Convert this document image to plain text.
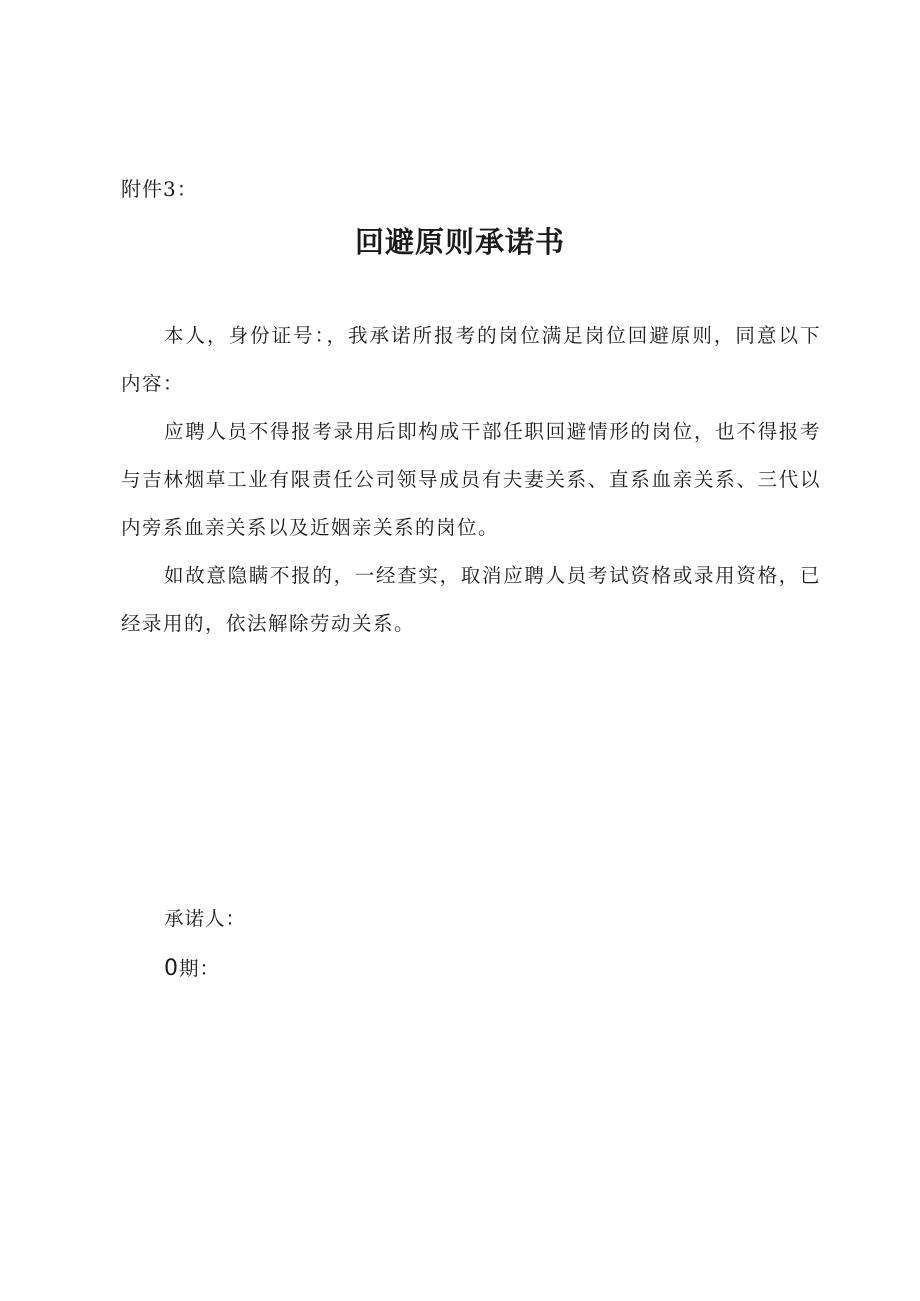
附件3：
回避原则承诺书

本人，身份证号：，我承诺所报考的岗位满足岗位回避原则，同意以下内容：

应聘人员不得报考录用后即构成干部任职回避情形的岗位，也不得报考与吉林烟草工业有限责任公司领导成员有夫妻关系、直系血亲关系、三代以内旁系血亲关系以及近姻亲关系的岗位。

如故意隐瞒不报的，一经查实，取消应聘人员考试资格或录用资格，已经录用的，依法解除劳动关系。

承诺人：
0期：
